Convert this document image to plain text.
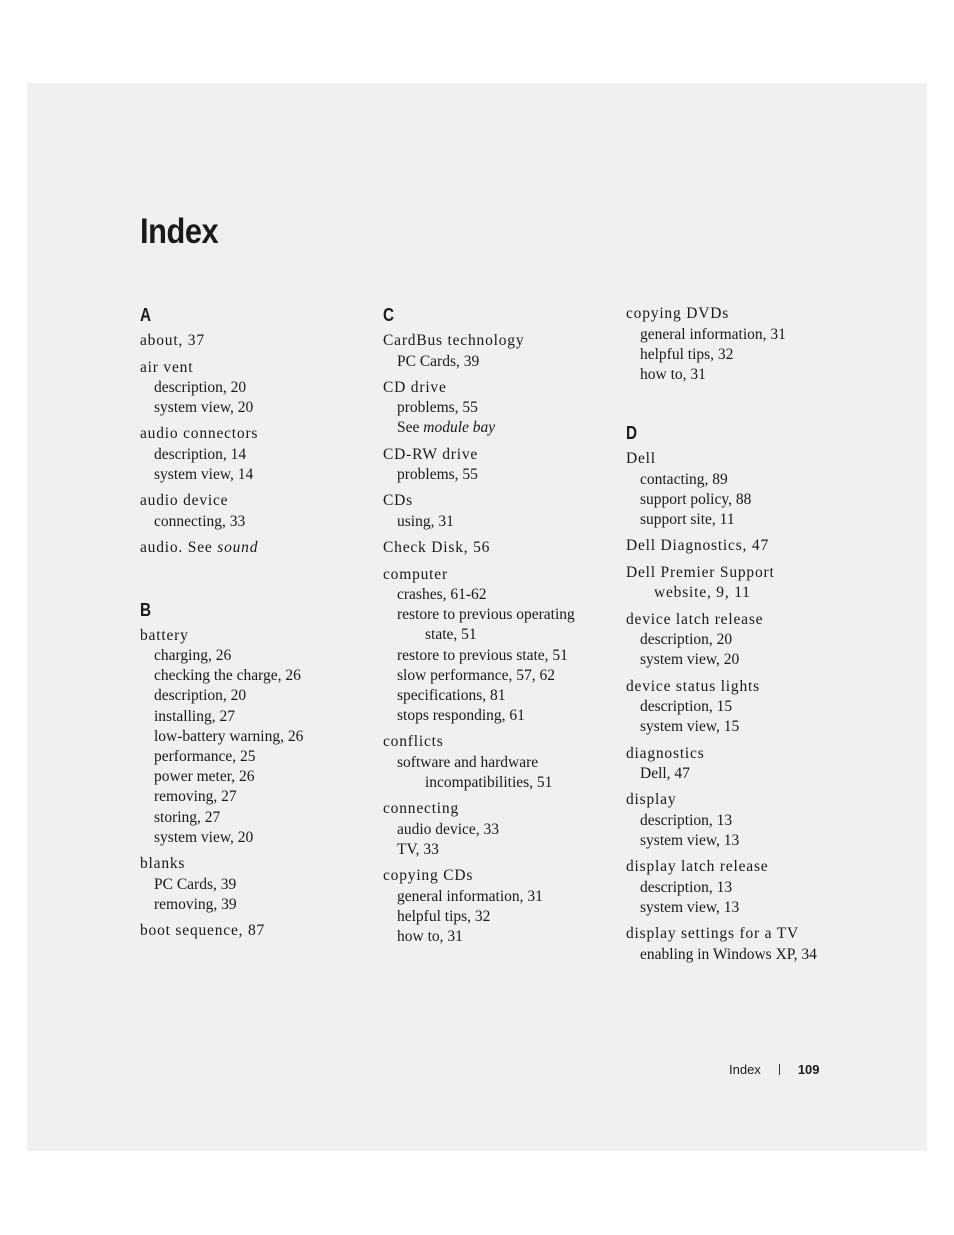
Index
A
about, 37
air vent
description, 20
system view, 20
audio connectors
description, 14
system view, 14
audio device
connecting, 33
audio. See sound
B
battery
charging, 26
checking the charge, 26
description, 20
installing, 27
low-battery warning, 26
performance, 25
power meter, 26
removing, 27
storing, 27
system view, 20
blanks
PC Cards, 39
removing, 39
boot sequence, 87
C
CardBus technology
PC Cards, 39
CD drive
problems, 55
See module bay
CD-RW drive
problems, 55
CDs
using, 31
Check Disk, 56
computer
crashes, 61-62
restore to previous operating
state, 51
restore to previous state, 51
slow performance, 57, 62
specifications, 81
stops responding, 61
conflicts
software and hardware
incompatibilities, 51
connecting
audio device, 33
TV, 33
copying CDs
general information, 31
helpful tips, 32
how to, 31
copying DVDs
general information, 31
helpful tips, 32
how to, 31
D
Dell
contacting, 89
support policy, 88
support site, 11
Dell Diagnostics, 47
Dell Premier Support
website, 9, 11
device latch release
description, 20
system view, 20
device status lights
description, 15
system view, 15
diagnostics
Dell, 47
display
description, 13
system view, 13
display latch release
description, 13
system view, 13
display settings for a TV
enabling in Windows XP, 34
Index	109
